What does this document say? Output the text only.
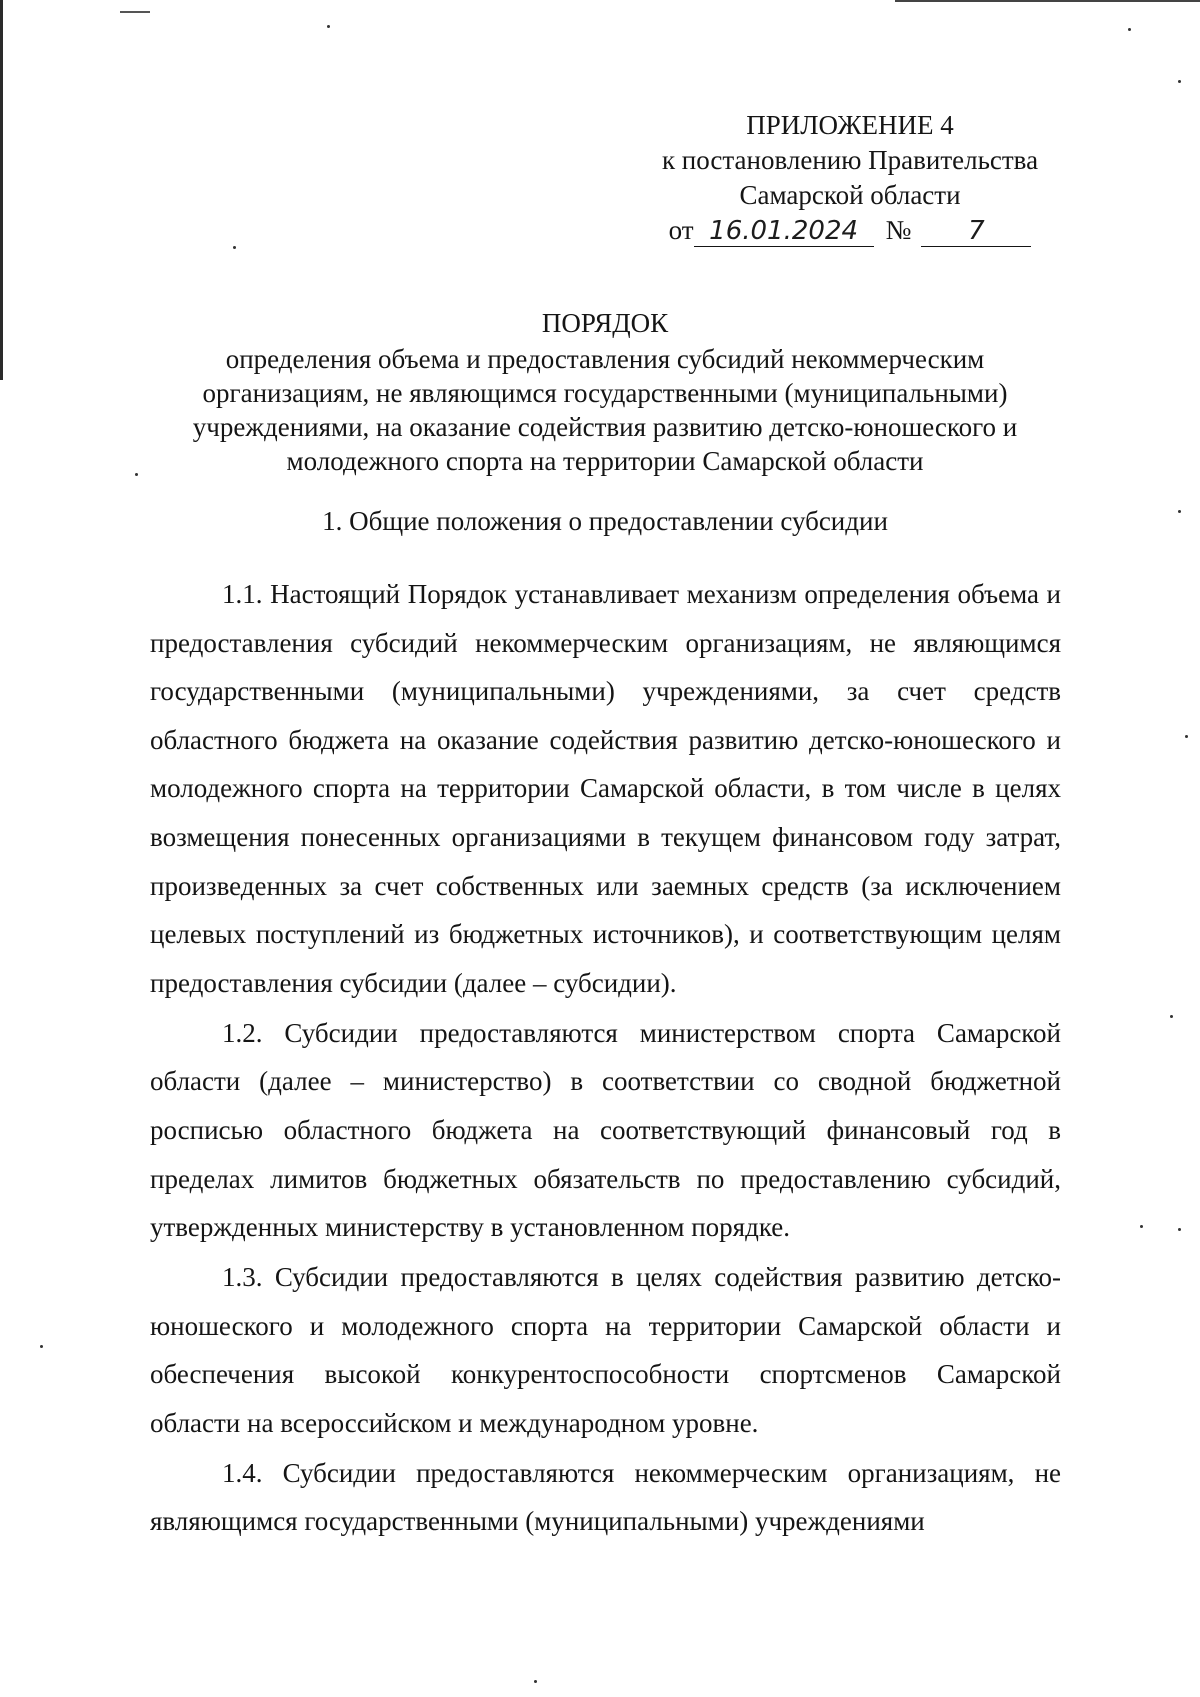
ПРИЛОЖЕНИЕ 4
к постановлению Правительства
Самарской области
от 16.01.2024	№	7
ПОРЯДОК
определения объема и предоставления субсидий некоммерческим организациям, не являющимся государственными (муниципальными) учреждениями, на оказание содействия развитию детско-юношеского и молодежного спорта на территории Самарской области
1. Общие положения о предоставлении субсидии

1.1. Настоящий Порядок устанавливает механизм определения объема и предоставления субсидий некоммерческим организациям, не являющимся государственными (муниципальными) учреждениями, за счет средств областного бюджета на оказание содействия развитию детско-юношеского и молодежного спорта на территории Самарской области, в том числе в целях возмещения понесенных организациями в текущем финансовом году затрат, произведенных за счет собственных или заемных средств (за исключением целевых поступлений из бюджетных источников), и соответствующим целям предоставления субсидии (далее – субсидии).

1.2. Субсидии предоставляются министерством спорта Самарской области (далее – министерство) в соответствии со сводной бюджетной росписью областного бюджета на соответствующий финансовый год в пределах лимитов бюджетных обязательств по предоставлению субсидий, утвержденных министерству в установленном порядке.

1.3. Субсидии предоставляются в целях содействия развитию детско-юношеского и молодежного спорта на территории Самарской области и обеспечения высокой конкурентоспособности спортсменов Самарской области на всероссийском и международном уровне.

1.4. Субсидии предоставляются некоммерческим организациям, не являющимся государственными (муниципальными) учреждениями
